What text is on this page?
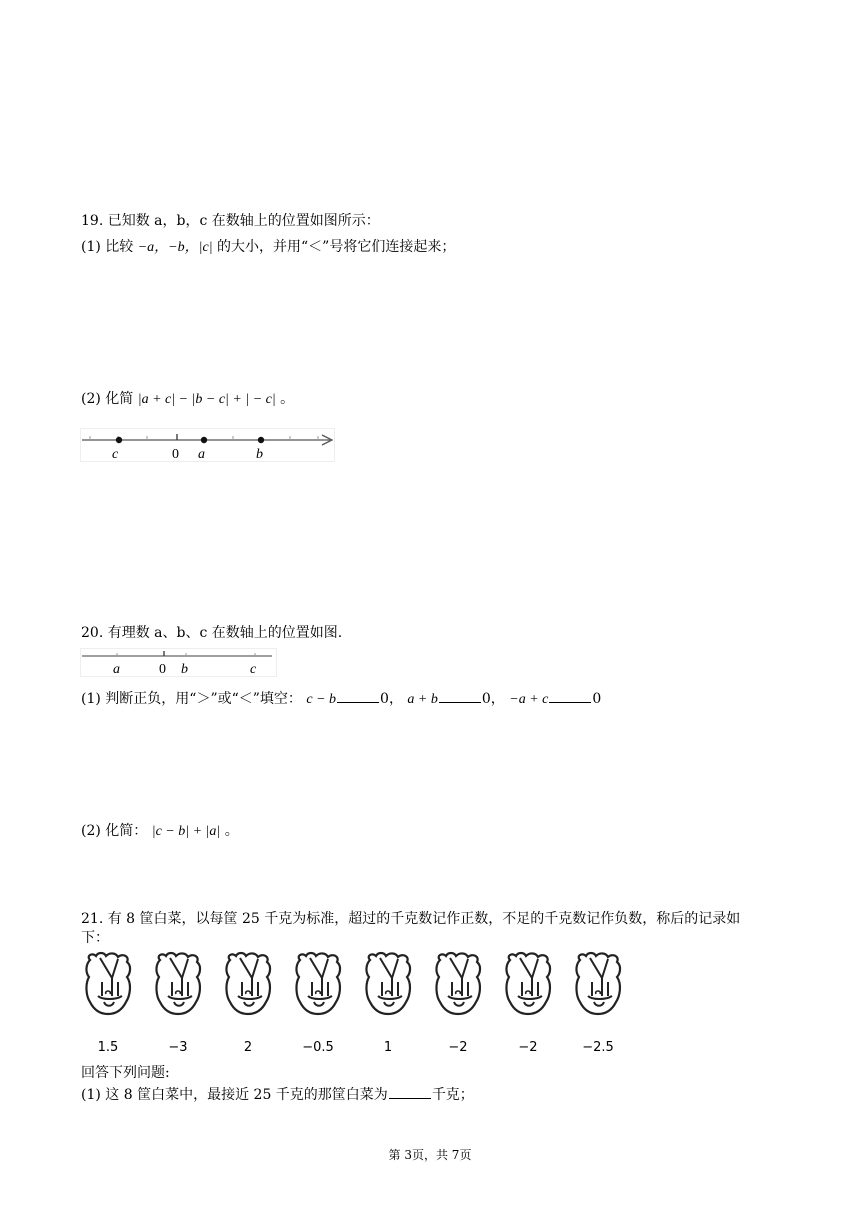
19. 已知数 a，b，c 在数轴上的位置如图所示：
(1) 比较 −a，−b，|c| 的大小，并用“＜”号将它们连接起来；
(2) 化简 |a + c| − |b − c| + | − c| 。
c	0 a	b
20. 有理数 a、b、c 在数轴上的位置如图.
a	0 b	c
(1) 判断正负，用“＞”或“＜”填空： c − b	0， a + b	0， −a + c	0
(2) 化简： |c − b| + |a| 。
21. 有 8 筐白菜，以每筐 25 千克为标准，超过的千克数记作正数，不足的千克数记作负数，称后的记录如
下：
1.5	−3	2	−0.5	1	−2	−2	−2.5
回答下列问题:
(1) 这 8 筐白菜中，最接近 25 千克的那筐白菜为	千克；
第 3页，共 7页
